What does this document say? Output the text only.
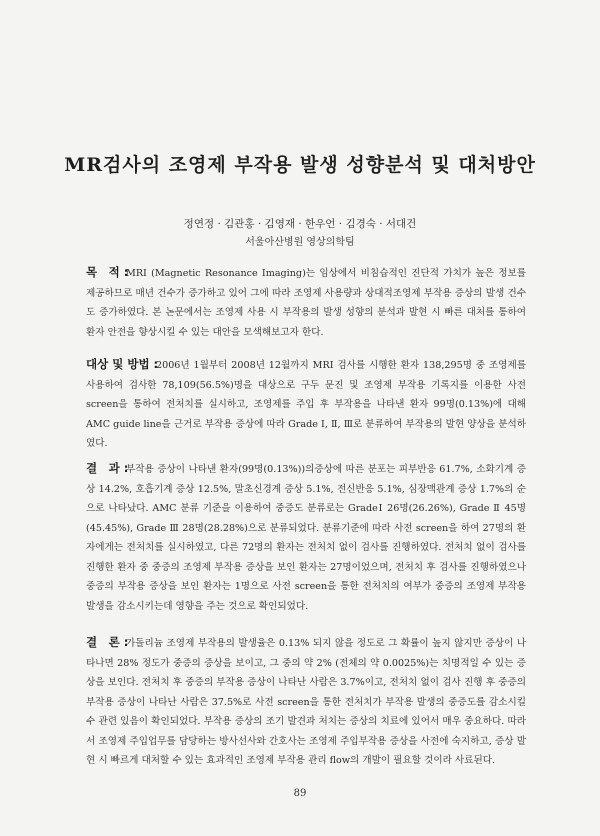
MR검사의 조영제 부작용 발생 성향분석 및 대처방안
정연정 · 김관홍 · 김영재 · 한우언 · 김경숙 · 서대건
서울아산병원 영상의학팀
목　적 :
MRI (Magnetic Resonance Imaging)는 임상에서 비침습적인 진단적 가치가 높은 정보를 제공하므로 매년 건수가 증가하고 있어 그에 따라 조영제 사용량과 상대적조영제 부작용 증상의 발생 건수도 증가하였다. 본 논문에서는 조영제 사용 시 부작용의 발생 성향의 분석과 발현 시 빠른 대처를 통하여 환자 안전을 향상시킬 수 있는 대안을 모색해보고자 한다.
대상 및 방법 :
2006년 1월부터 2008년 12월까지 MRI 검사를 시행한 환자 138,295명 중 조영제를 사용하여 검사한 78,109(56.5%)명을 대상으로 구두 문진 및 조영제 부작용 기록지를 이용한 사전 screen을 통하여 전처치를 실시하고, 조영제를 주입 후 부작용을 나타낸 환자 99명(0.13%)에 대해 AMC guide line을 근거로 부작용 증상에 따라 Grade Ⅰ, Ⅱ, Ⅲ로 분류하여 부작용의 발현 양상을 분석하였다.
결　과 :
부작용 증상이 나타낸 환자(99명(0.13%))의증상에 따른 분포는 피부반응 61.7%, 소화기계 증상 14.2%, 호흡기계 증상 12.5%, 말초신경계 증상 5.1%, 전신반응 5.1%, 심장맥관계 증상 1.7%의 순으로 나타났다. AMC 분류 기준을 이용하여 중증도 분류로는 GradeⅠ 26명(26.26%), Grade Ⅱ 45명(45.45%), Grade Ⅲ 28명(28.28%)으로 분류되었다. 분류기준에 따라 사전 screen을 하여 27명의 환자에게는 전처치를 실시하였고, 다른 72명의 환자는 전처치 없이 검사를 진행하였다. 전처치 없이 검사를 진행한 환자 중 중증의 조영제 부작용 증상을 보인 환자는 27명이었으며, 전처치 후 검사를 진행하였으나 중증의 부작용 증상을 보인 환자는 1명으로 사전 screen을 통한 전처치의 여부가 중증의 조영제 부작용 발생을 감소시키는데 영향을 주는 것으로 확인되었다.
결　론 :
가돌리늄 조영제 부작용의 발생율은 0.13% 되지 않을 정도로 그 확률이 높지 않지만 증상이 나타나면 28% 정도가 중증의 증상을 보이고, 그 중의 약 2% (전체의 약 0.0025%)는 치명적일 수 있는 증상을 보인다. 전처치 후 중증의 부작용 증상이 나타난 사람은 3.7%이고, 전처치 없이 검사 진행 후 중증의 부작용 증상이 나타난 사람은 37.5%로 사전 screen을 통한 전처치가 부작용 발생의 중증도를 감소시킬 수 관련 있음이 확인되었다. 부작용 증상의 조기 발견과 처치는 증상의 치료에 있어서 매우 중요하다. 따라서 조영제 주입업무를 담당하는 방사선사와 간호사는 조영제 주입부작용 증상을 사전에 숙지하고, 증상 발현 시 빠르게 대처할 수 있는 효과적인 조영제 부작용 관리 flow의 개발이 필요할 것이라 사료된다.
89
